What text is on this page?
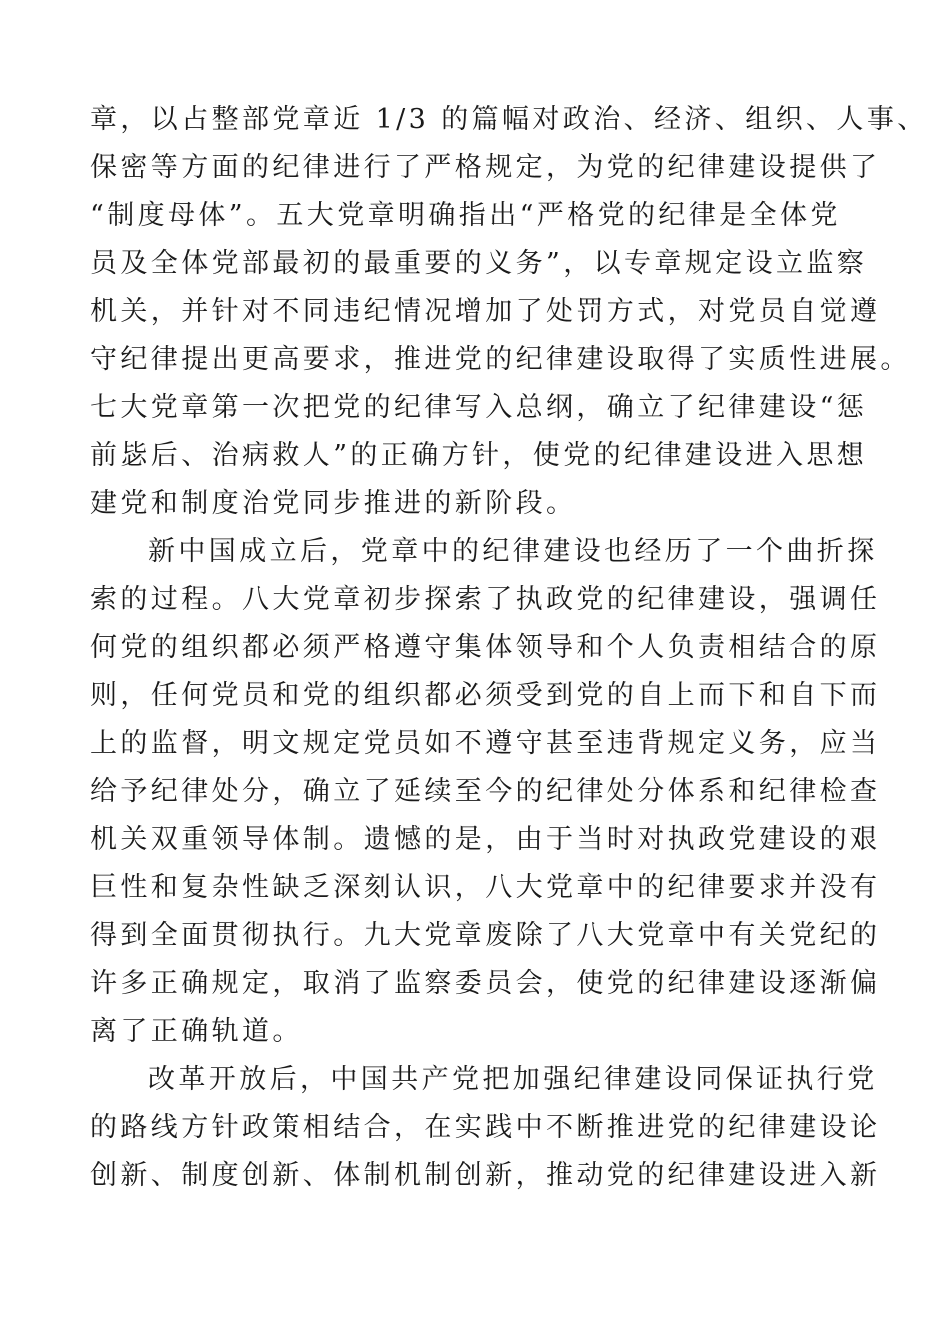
章，以占整部党章近 1/3 的篇幅对政治、经济、组织、人事、
保密等方面的纪律进行了严格规定，为党的纪律建设提供了
“制度母体”。五大党章明确指出“严格党的纪律是全体党
员及全体党部最初的最重要的义务”，以专章规定设立监察
机关，并针对不同违纪情况增加了处罚方式，对党员自觉遵
守纪律提出更高要求，推进党的纪律建设取得了实质性进展。
七大党章第一次把党的纪律写入总纲，确立了纪律建设“惩
前毖后、治病救人”的正确方针，使党的纪律建设进入思想
建党和制度治党同步推进的新阶段。
新中国成立后，党章中的纪律建设也经历了一个曲折探
索的过程。八大党章初步探索了执政党的纪律建设，强调任
何党的组织都必须严格遵守集体领导和个人负责相结合的原
则，任何党员和党的组织都必须受到党的自上而下和自下而
上的监督，明文规定党员如不遵守甚至违背规定义务，应当
给予纪律处分，确立了延续至今的纪律处分体系和纪律检查
机关双重领导体制。遗憾的是，由于当时对执政党建设的艰
巨性和复杂性缺乏深刻认识，八大党章中的纪律要求并没有
得到全面贯彻执行。九大党章废除了八大党章中有关党纪的
许多正确规定，取消了监察委员会，使党的纪律建设逐渐偏
离了正确轨道。
改革开放后，中国共产党把加强纪律建设同保证执行党
的路线方针政策相结合，在实践中不断推进党的纪律建设论
创新、制度创新、体制机制创新，推动党的纪律建设进入新
